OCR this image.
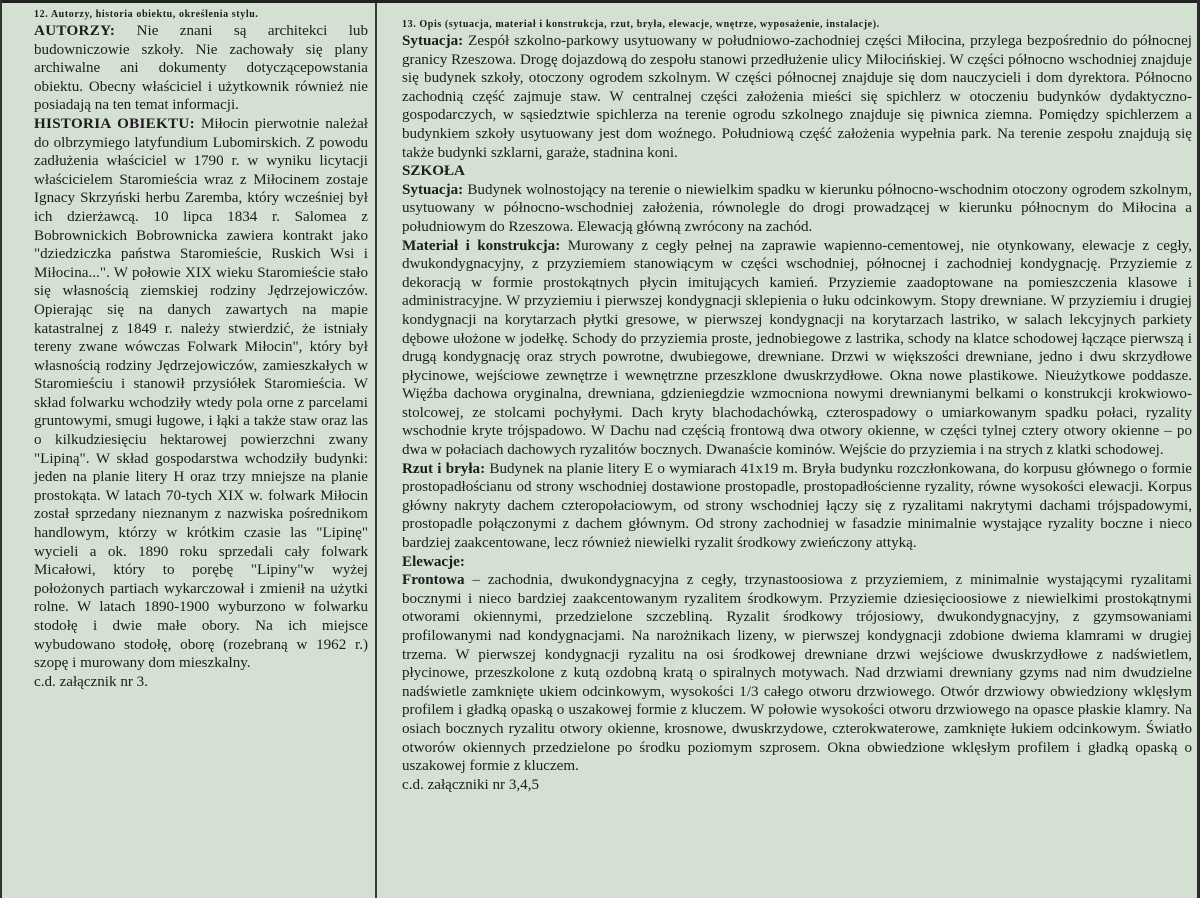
12. Autorzy, historia obiektu, określenia stylu.

AUTORZY: Nie znani są architekci lub budowniczowie szkoły. Nie zachowały się plany archiwalne ani dokumenty dotyczącepowstania obiektu. Obecny właściciel i użytkownik również nie posiadają na ten temat informacji.

HISTORIA OBIEKTU: Miłocin pierwotnie należał do olbrzymiego latyfundium Lubomirskich. Z powodu zadłużenia właściciel w 1790 r. w wyniku licytacji właścicielem Staromieścia wraz z Miłocinem zostaje Ignacy Skrzyński herbu Zaremba, który wcześniej był ich dzierżawcą. 10 lipca 1834 r. Salomea z Bobrownickich Bobrownicka zawiera kontrakt jako "dziedziczka państwa Staromieście, Ruskich Wsi i Miłocina...". W połowie XIX wieku Staromieście stało się własnością ziemskiej rodziny Jędrzejowiczów. Opierając się na danych zawartych na mapie katastralnej z 1849 r. należy stwierdzić, że istniały tereny zwane wówczas Folwark Miłocin", który był własnością rodziny Jędrzejowiczów, zamieszkałych w Staromieściu i stanowił przysiółek Staromieścia. W skład folwarku wchodziły wtedy pola orne z parcelami gruntowymi, smugi ługowe, i łąki a także staw oraz las o kilkudziesięciu hektarowej powierzchni zwany "Lipiną". W skład gospodarstwa wchodziły budynki: jeden na planie litery H oraz trzy mniejsze na planie prostokąta. W latach 70-tych XIX w. folwark Miłocin został sprzedany nieznanym z nazwiska pośrednikom handlowym, którzy w krótkim czasie las "Lipinę" wycieli a ok. 1890 roku sprzedali cały folwark Micałowi, który to porębę "Lipiny"w wyżej położonych partiach wykarczował i zmienił na użytki rolne. W latach 1890-1900 wyburzono w folwarku stodołę i dwie małe obory. Na ich miejsce wybudowano stodołę, oborę (rozebraną w 1962 r.) szopę i murowany dom mieszkalny.

c.d. załącznik nr 3.

13. Opis (sytuacja, materiał i konstrukcja, rzut, bryła, elewacje, wnętrze, wyposażenie, instalacje).

Sytuacja: Zespół szkolno-parkowy usytuowany w południowo-zachodniej części Miłocina, przylega bezpośrednio do północnej granicy Rzeszowa. Drogę dojazdową do zespołu stanowi przedłużenie ulicy Miłocińskiej. W części północno wschodniej znajduje się budynek szkoły, otoczony ogrodem szkolnym. W części północnej znajduje się dom nauczycieli i dom dyrektora. Północno zachodnią część zajmuje staw. W centralnej części założenia mieści się spichlerz w otoczeniu budynków dydaktyczno-gospodarczych, w sąsiedztwie spichlerza na terenie ogrodu szkolnego znajduje się piwnica ziemna. Pomiędzy spichlerzem a budynkiem szkoły usytuowany jest dom woźnego. Południową część założenia wypełnia park. Na terenie zespołu znajdują się także budynki szklarni, garaże, stadnina koni.

SZKOŁA

Sytuacja: Budynek wolnostojący na terenie o niewielkim spadku w kierunku północno-wschodnim otoczony ogrodem szkolnym, usytuowany w północno-wschodniej założenia, równolegle do drogi prowadzącej w kierunku północnym do Miłocina a południowym do Rzeszowa. Elewacją główną zwrócony na zachód.

Materiał i konstrukcja: Murowany z cegły pełnej na zaprawie wapienno-cementowej, nie otynkowany, elewacje z cegły, dwukondygnacyjny, z przyziemiem stanowiącym w części wschodniej, północnej i zachodniej kondygnację. Przyziemie z dekoracją w formie prostokątnych płycin imitujących kamień. Przyziemie zaadoptowane na pomieszczenia klasowe i administracyjne. W przyziemiu i pierwszej kondygnacji sklepienia o łuku odcinkowym. Stopy drewniane. W przyziemiu i drugiej kondygnacji na korytarzach płytki gresowe, w pierwszej kondygnacji na korytarzach lastriko, w salach lekcyjnych parkiety dębowe ułożone w jodełkę. Schody do przyziemia proste, jednobiegowe z lastrika, schody na klatce schodowej łączące pierwszą i drugą kondygnację oraz strych powrotne, dwubiegowe, drewniane. Drzwi w większości drewniane, jedno i dwu skrzydłowe płycinowe, wejściowe zewnętrze i wewnętrzne przeszklone dwuskrzydłowe. Okna nowe plastikowe. Nieużytkowe poddasze. Więźba dachowa oryginalna, drewniana, gdzieniegdzie wzmocniona nowymi drewnianymi belkami o konstrukcji krokwiowo-stolcowej, ze stolcami pochyłymi. Dach kryty blachodachówką, czterospadowy o umiarkowanym spadku połaci, ryzality wschodnie kryte trójspadowo. W Dachu nad częścią frontową dwa otwory okienne, w części tylnej cztery otwory okienne – po dwa w połaciach dachowych ryzalitów bocznych. Dwanaście kominów. Wejście do przyziemia i na strych z klatki schodowej.

Rzut i bryła: Budynek na planie litery E o wymiarach 41x19 m. Bryła budynku rozczłonkowana, do korpusu głównego o formie prostopadłościanu od strony wschodniej dostawione prostopadle, prostopadłościenne ryzality, równe wysokości elewacji. Korpus główny nakryty dachem czteropołaciowym, od strony wschodniej łączy się z ryzalitami nakrytymi dachami trójspadowymi, prostopadle połączonymi z dachem głównym. Od strony zachodniej w fasadzie minimalnie wystające ryzality boczne i nieco bardziej zaakcentowane, lecz również niewielki ryzalit środkowy zwieńczony attyką.

Elewacje:

Frontowa – zachodnia, dwukondygnacyjna z cegły, trzynastoosiowa z przyziemiem, z minimalnie wystającymi ryzalitami bocznymi i nieco bardziej zaakcentowanym ryzalitem środkowym. Przyziemie dziesięcioosiowe z niewielkimi prostokątnymi otworami okiennymi, przedzielone szczebliną. Ryzalit środkowy trójosiowy, dwukondygnacyjny, z gzymsowaniami profilowanymi nad kondygnacjami. Na narożnikach lizeny, w pierwszej kondygnacji zdobione dwiema klamrami w drugiej trzema. W pierwszej kondygnacji ryzalitu na osi środkowej drewniane drzwi wejściowe dwuskrzydłowe z nadświetlem, płycinowe, przeszkolone z kutą ozdobną kratą o spiralnych motywach. Nad drzwiami drewniany gzyms nad nim dwudzielne nadświetle zamknięte ukiem odcinkowym, wysokości 1/3 całego otworu drzwiowego. Otwór drzwiowy obwiedziony wklęsłym profilem i gładką opaską o uszakowej formie z kluczem. W połowie wysokości otworu drzwiowego na opasce płaskie klamry. Na osiach bocznych ryzalitu otwory okienne, krosnowe, dwuskrzydowe, czterokwaterowe, zamknięte łukiem odcinkowym. Światło otworów okiennych przedzielone po środku poziomym szprosem. Okna obwiedzione wklęsłym profilem i gładką opaską o uszakowej formie z kluczem.

c.d. załączniki nr 3,4,5
